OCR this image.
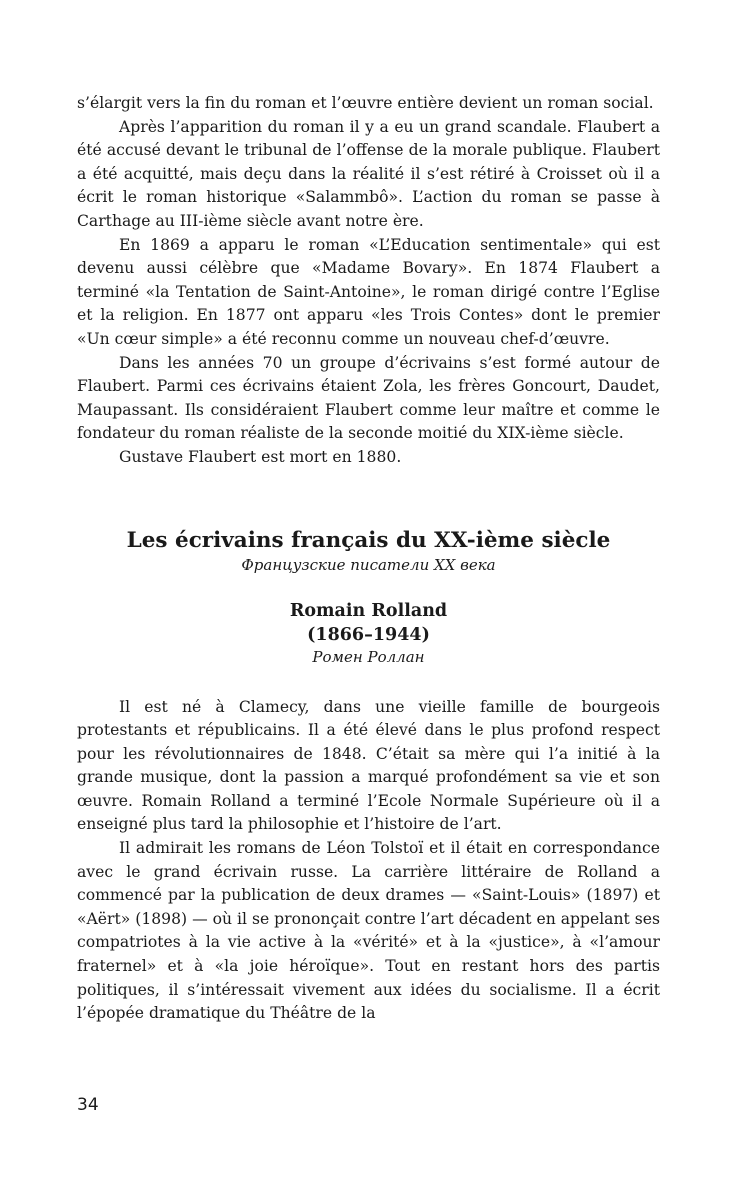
s’élargit vers la fin du roman et l’œuvre entière devient un roman social.

Après l’apparition du roman il y a eu un grand scandale. Flaubert a été accusé devant le tribunal de l’offense de la morale publique. Flaubert a été acquitté, mais deçu dans la réalité il s’est rétiré à Croisset où il a écrit le roman historique «Salammbô». L’action du roman se passe à Carthage au III-ième siècle avant notre ère.

En 1869 a apparu le roman «L’Education sentimentale» qui est devenu aussi célèbre que «Madame Bovary». En 1874 Flaubert a terminé «la Tentation de Saint-Antoine», le roman dirigé contre l’Eglise et la religion. En 1877 ont apparu «les Trois Contes» dont le premier «Un cœur simple» a été reconnu comme un nouveau chef-d’œuvre.

Dans les années 70 un groupe d’écrivains s’est formé autour de Flaubert. Parmi ces écrivains étaient Zola, les frères Goncourt, Daudet, Maupassant. Ils considéraient Flaubert comme leur maître et comme le fondateur du roman réaliste de la seconde moitié du XIX-ième siècle.

Gustave Flaubert est mort en 1880.

Les écrivains français du XX-ième siècle

Французские писатели XX века

Romain Rolland

(1866–1944)

Ромен Роллан

Il est né à Clamecy, dans une vieille famille de bourgeois protestants et républicains. Il a été élevé dans le plus profond respect pour les révolutionnaires de 1848. C’était sa mère qui l’a initié à la grande musique, dont la passion a marqué profondément sa vie et son œuvre. Romain Rolland a terminé l’Ecole Normale Supérieure où il a enseigné plus tard la philosophie et l’histoire de l’art.

Il admirait les romans de Léon Tolstoï et il était en correspondance avec le grand écrivain russe. La carrière littéraire de Rolland a commencé par la publication de deux drames — «Saint-Louis» (1897) et «Aërt» (1898) — où il se prononçait contre l’art décadent en appelant ses compatriotes à la vie active à la «vérité» et à la «justice», à «l’amour fraternel» et à «la joie héroïque». Tout en restant hors des partis politiques, il s’intéressait vivement aux idées du socialisme. Il a écrit l’épopée dramatique du Théâtre de la

34
